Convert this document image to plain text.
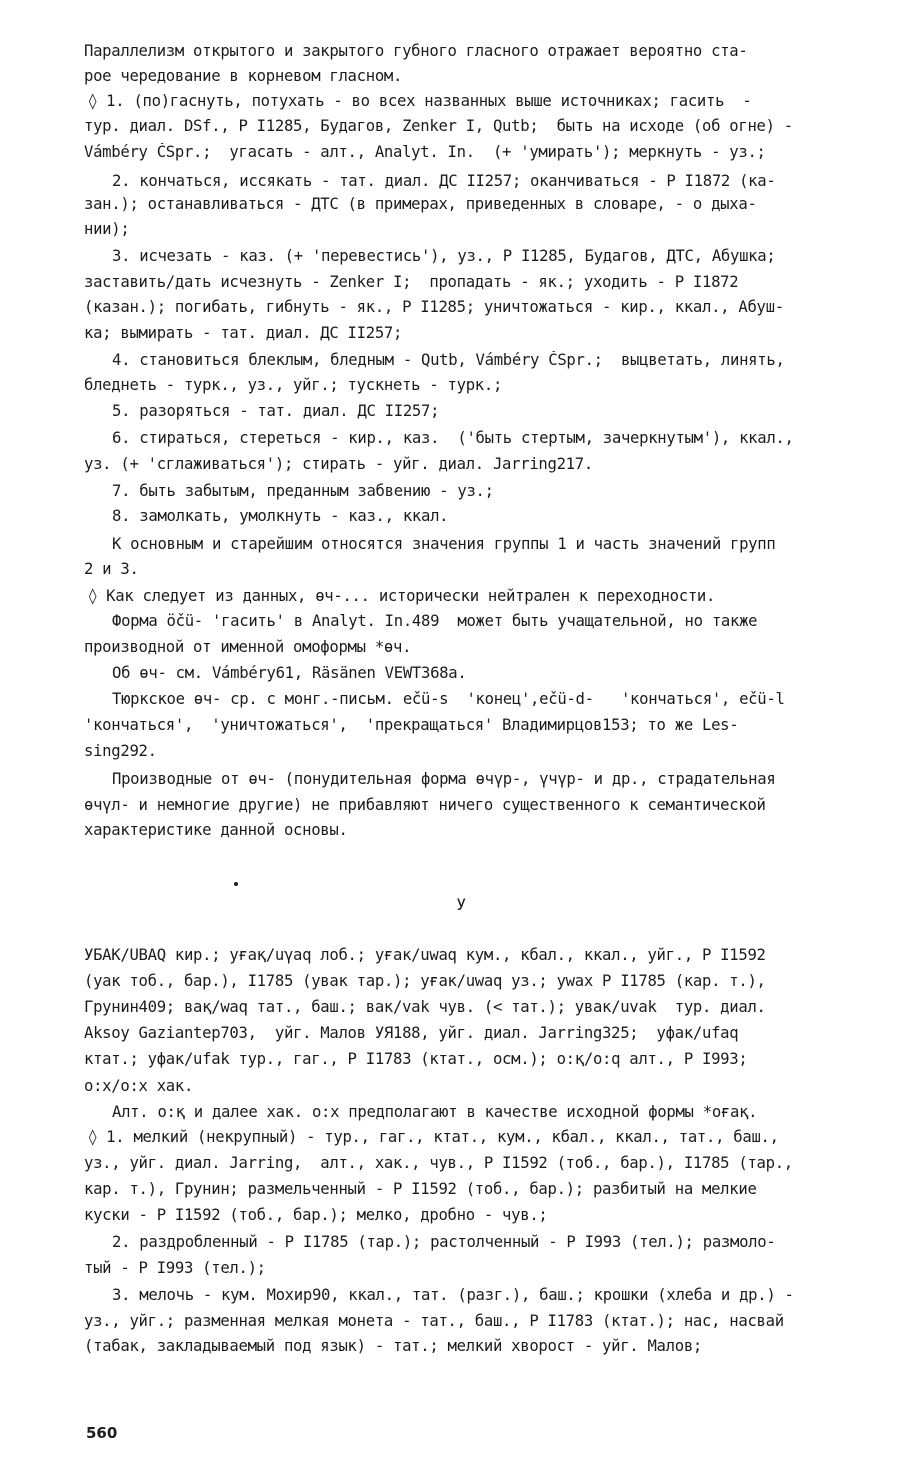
Параллелизм открытого и закрытого губного гласного отражает вероятно ста-
рое чередование в корневом гласном.
◊ 1. (по)гаснуть, потухать - во всех названных выше источниках; гасить  -
тур. диал. DSf., Р I1285, Будагов, Zenker I, Qutb;  быть на исходе (об огне) -
Vámbéry ČSpr.;  угасать - алт., Analyt. In.  (+ 'умирать'); меркнуть - уз.;
2. кончаться, иссякать - тат. диал. ДС II257; оканчиваться - Р I1872 (ка-
зан.); останавливаться - ДТС (в примерах, приведенных в словаре, - о дыха-
нии);
3. исчезать - каз. (+ 'перевестись'), уз., Р I1285, Будагов, ДТС, Абушка;
заставить/дать исчезнуть - Zenker I;  пропадать - як.; уходить - Р I1872
(казан.); погибать, гибнуть - як., Р I1285; уничтожаться - кир., ккал., Абуш-
ка; вымирать - тат. диал. ДС II257;
4. становиться блеклым, бледным - Qutb, Vámbéry ČSpr.;  выцветать, линять,
бледнеть - турк., уз., уйг.; тускнеть - турк.;
5. разоряться - тат. диал. ДС II257;
6. стираться, стереться - кир., каз.  ('быть стертым, зачеркнутым'), ккал.,
уз. (+ 'сглаживаться'); стирать - уйг. диал. Jarring217.
7. быть забытым, преданным забвению - уз.;
8. замолкать, умолкнуть - каз., ккал.
К основным и старейшим относятся значения группы 1 и часть значений групп
2 и 3.
◊ Как следует из данных, өч-... исторически нейтрален к переходности.
Форма ӧčü- 'гасить' в Analyt. In.489  может быть учащательной, но также
производной от именной омоформы *өч.
Об өч- см. Vámbéry61, Räsänen VEWT368a.
Тюркское өч- ср. с монг.-письм. ečü-s  'конец',ečü-d-   'кончаться', ečü-l
'кончаться',  'уничтожаться',  'прекращаться' Владимирцов153; то же Les-
sing292.
Производные от өч- (понудительная форма өчүр-, үчүр- и др., страдательная
өчүл- и немногие другие) не прибавляют ничего существенного к семантической
характеристике данной основы.
У
УБАК/UBAQ кир.; уғақ/uγaq лоб.; уғак/uwaq кум., кбал., ккал., уйг., Р I1592
(уак тоб., бар.), I1785 (увак тар.); уғак/uwaq уз.; ywax Р I1785 (кар. т.),
Грунин409; вақ/waq тат., баш.; вак/vak чув. (< тат.); увак/uvak  тур. диал.
Aksoy Gaziantep703,  уйг. Малов УЯ188, уйг. диал. Jarring325;  уфак/ufaq
ктат.; уфак/ufak тур., гаг., Р I1783 (ктат., осм.); о:қ/o:q алт., Р I993;
о:х/o:x хак.
Алт. о:қ и далее хак. о:х предполагают в качестве исходной формы *оғақ.
◊ 1. мелкий (некрупный) - тур., гаг., ктат., кум., кбал., ккал., тат., баш.,
уз., уйг. диал. Jarring,  алт., хак., чув., Р I1592 (тоб., бар.), I1785 (тар.,
кар. т.), Грунин; размельченный - Р I1592 (тоб., бар.); разбитый на мелкие
куски - Р I1592 (тоб., бар.); мелко, дробно - чув.;
2. раздробленный - Р I1785 (тар.); растолченный - Р I993 (тел.); размоло-
тый - Р I993 (тел.);
3. мелочь - кум. Мохир90, ккал., тат. (разг.), баш.; крошки (хлеба и др.) -
уз., уйг.; разменная мелкая монета - тат., баш., Р I1783 (ктат.); нас, насвай
(табак, закладываемый под язык) - тат.; мелкий хворост - уйг. Малов;
560
